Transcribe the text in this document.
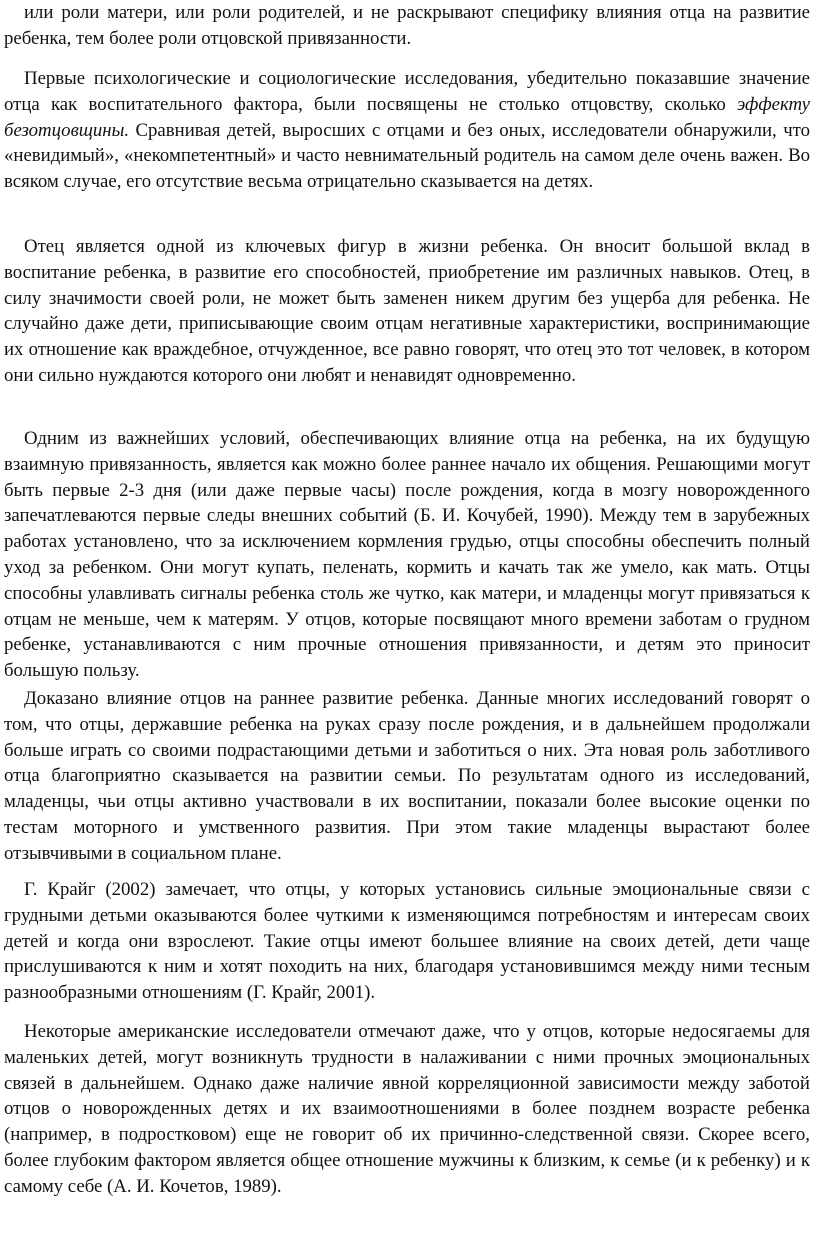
или роли матери, или роли родителей, и не раскрывают специфику влияния отца на развитие ребенка, тем более роли отцовской привязанности.

Первые психологические и социологические исследования, убедительно показавшие значение отца как воспитательного фактора, были посвящены не столько отцовству, сколько эффекту безотцовщины. Сравнивая детей, выросших с отцами и без оных, исследователи обнаружили, что «невидимый», «некомпетентный» и часто невнимательный родитель на самом деле очень важен. Во всяком случае, его отсутствие весьма отрицательно сказывается на детях.

Отец является одной из ключевых фигур в жизни ребенка. Он вносит большой вклад в воспитание ребенка, в развитие его способностей, приобретение им различных навыков. Отец, в силу значимости своей роли, не может быть заменен никем другим без ущерба для ребенка. Не случайно даже дети, приписывающие своим отцам негативные характеристики, воспринимающие их отношение как враждебное, отчужденное, все равно говорят, что отец это тот человек, в котором они сильно нуждаются которого они любят и ненавидят одновременно.

Одним из важнейших условий, обеспечивающих влияние отца на ребенка, на их будущую взаимную привязанность, является как можно более раннее начало их общения. Решающими могут быть первые 2-3 дня (или даже первые часы) после рождения, когда в мозгу новорожденного запечатлеваются первые следы внешних событий (Б. И. Кочубей, 1990). Между тем в зарубежных работах установлено, что за исключением кормления грудью, отцы способны обеспечить полный уход за ребенком. Они могут купать, пеленать, кормить и качать так же умело, как мать. Отцы способны улавливать сигналы ребенка столь же чутко, как матери, и младенцы могут привязаться к отцам не меньше, чем к матерям. У отцов, которые посвящают много времени заботам о грудном ребенке, устанавливаются с ним прочные отношения привязанности, и детям это приносит большую пользу.

Доказано влияние отцов на раннее развитие ребенка. Данные многих исследований говорят о том, что отцы, державшие ребенка на руках сразу после рождения, и в дальнейшем продолжали больше играть со своими подрастающими детьми и заботиться о них. Эта новая роль заботливого отца благоприятно сказывается на развитии семьи. По результатам одного из исследований, младенцы, чьи отцы активно участвовали в их воспитании, показали более высокие оценки по тестам моторного и умственного развития. При этом такие младенцы вырастают более отзывчивыми в социальном плане.

Г. Крайг (2002) замечает, что отцы, у которых установись сильные эмоциональные связи с грудными детьми оказываются более чуткими к изменяющимся потребностям и интересам своих детей и когда они взрослеют. Такие отцы имеют большее влияние на своих детей, дети чаще прислушиваются к ним и хотят походить на них, благодаря установившимся между ними тесным разнообразными отношениям (Г. Крайг, 2001).

Некоторые американские исследователи отмечают даже, что у отцов, которые недосягаемы для маленьких детей, могут возникнуть трудности в налаживании с ними прочных эмоциональных связей в дальнейшем. Однако даже наличие явной корреляционной зависимости между заботой отцов о новорожденных детях и их взаимоотношениями в более позднем возрасте ребенка (например, в подростковом) еще не говорит об их причинно-следственной связи. Скорее всего, более глубоким фактором является общее отношение мужчины к близким, к семье (и к ребенку) и к самому себе (А. И. Кочетов, 1989).
